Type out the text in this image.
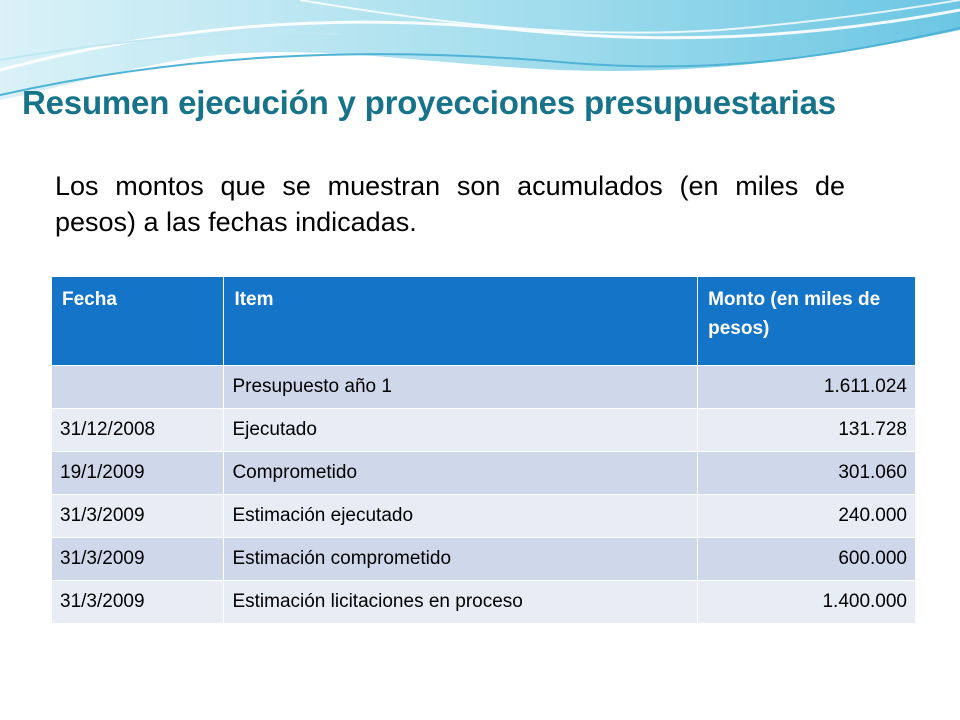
Resumen ejecución y proyecciones presupuestarias
Los montos que se muestran son acumulados (en miles de pesos) a las fechas indicadas.
Fecha	Item	Monto (en miles de pesos)
	Presupuesto año 1	1.611.024
31/12/2008	Ejecutado	131.728
19/1/2009	Comprometido	301.060
31/3/2009	Estimación ejecutado	240.000
31/3/2009	Estimación comprometido	600.000
31/3/2009	Estimación licitaciones en proceso	1.400.000
